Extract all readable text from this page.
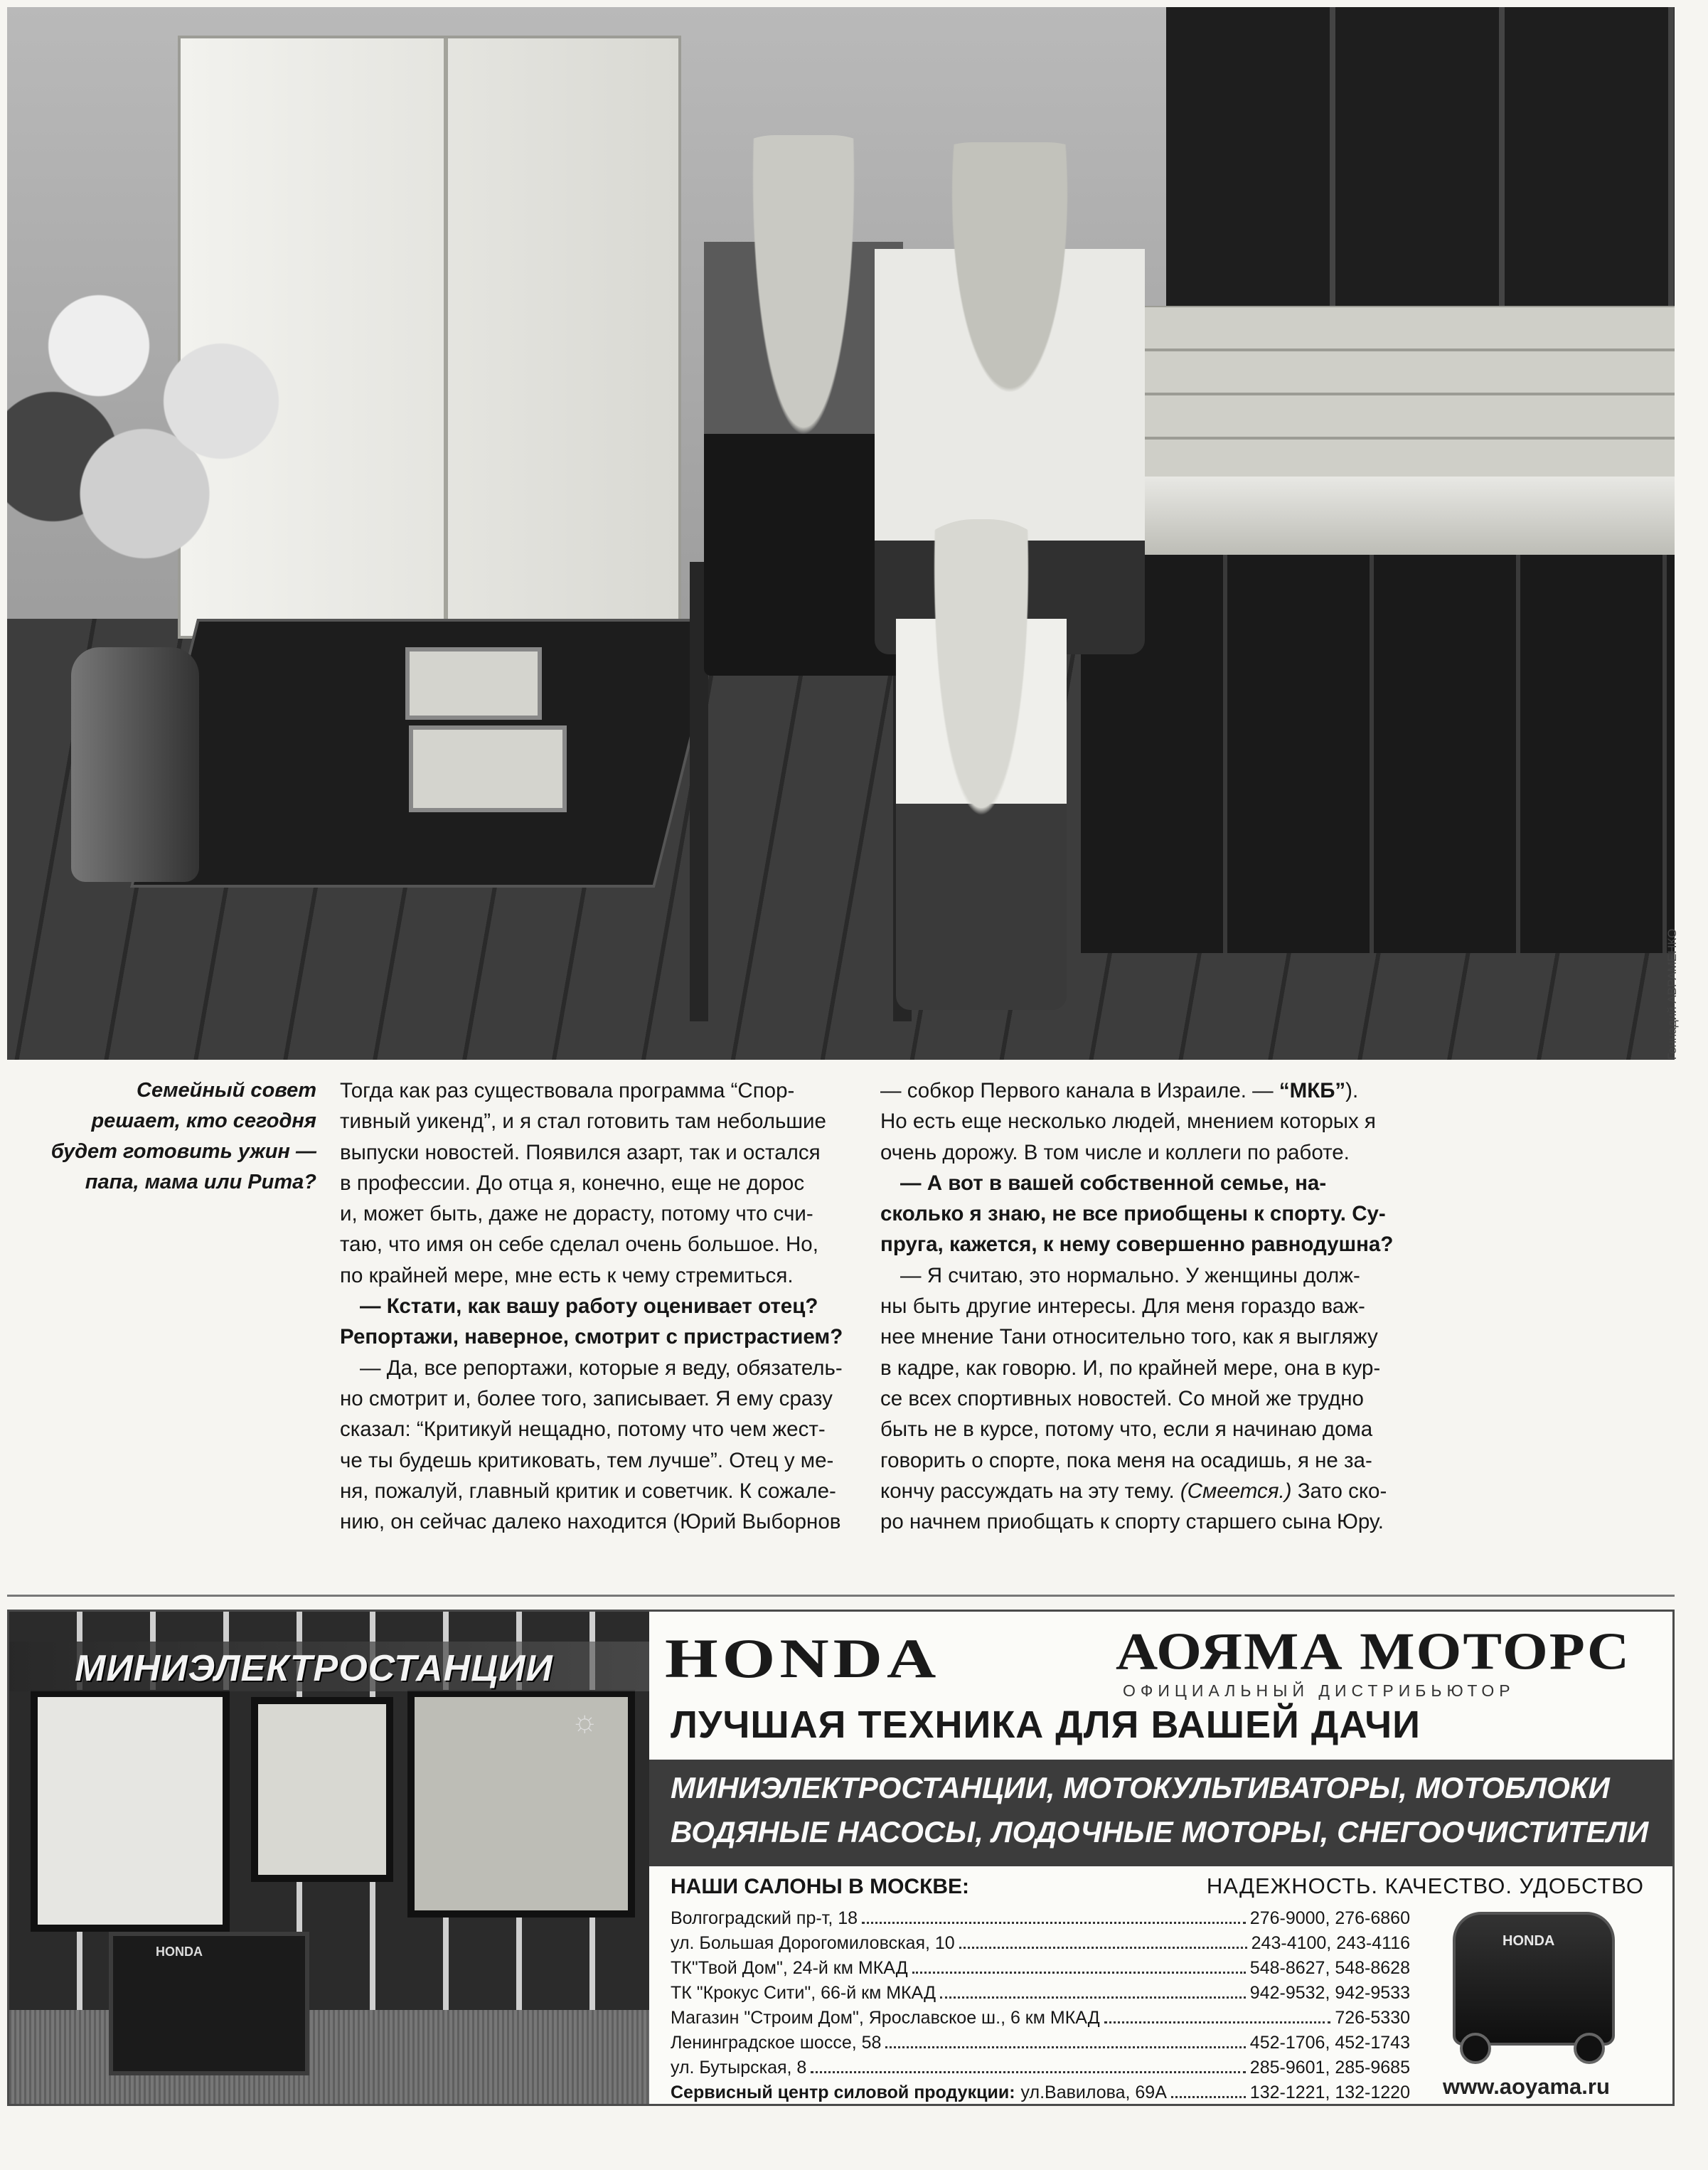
Геннадий АВРАМЕНКО
Семейный совет
решает, кто сегодня
будет готовить ужин —
папа, мама или Рита?
Тогда как раз существовала программа “Спор-
тивный уикенд”, и я стал готовить там небольшие
выпуски новостей. Появился азарт, так и остался
в профессии. До отца я, конечно, еще не дорос
и, может быть, даже не дорасту, потому что счи-
таю, что имя он себе сделал очень большое. Но,
по крайней мере, мне есть к чему стремиться.
— Кстати, как вашу работу оценивает отец?
Репортажи, наверное, смотрит с пристрастием?
— Да, все репортажи, которые я веду, обязатель-
но смотрит и, более того, записывает. Я ему сразу
сказал: “Критикуй нещадно, потому что чем жест-
че ты будешь критиковать, тем лучше”. Отец у ме-
ня, пожалуй, главный критик и советчик. К сожале-
нию, он сейчас далеко находится (Юрий Выборнов
— собкор Первого канала в Израиле. — “МКБ”).
Но есть еще несколько людей, мнением которых я
очень дорожу. В том числе и коллеги по работе.
— А вот в вашей собственной семье, на-
сколько я знаю, не все приобщены к спорту. Су-
пруга, кажется, к нему совершенно равнодушна?
— Я считаю, это нормально. У женщины долж-
ны быть другие интересы. Для меня гораздо важ-
нее мнение Тани относительно того, как я выгляжу
в кадре, как говорю. И, по крайней мере, она в кур-
се всех спортивных новостей. Со мной же трудно
быть не в курсе, потому что, если я начинаю дома
говорить о спорте, пока меня на осадишь, я не за-
кончу рассуждать на эту тему. (Смеется.) Зато ско-
ро начнем приобщать к спорту старшего сына Юру.
HONDA
МИНИЭЛЕКТРОСТАНЦИИ
☼
HONDA	АОЯМА МОТОРС
ОФИЦИАЛЬНЫЙ ДИСТРИБЬЮТОР
ЛУЧШАЯ ТЕХНИКА ДЛЯ ВАШЕЙ ДАЧИ
МИНИЭЛЕКТРОСТАНЦИИ, МОТОКУЛЬТИВАТОРЫ, МОТОБЛОКИ
ВОДЯНЫЕ НАСОСЫ, ЛОДОЧНЫЕ МОТОРЫ, СНЕГООЧИСТИТЕЛИ
НАШИ САЛОНЫ В МОСКВЕ:	НАДЕЖНОСТЬ. КАЧЕСТВО. УДОБСТВО
Волгоградский пр-т, 18	276-9000, 276-6860
ул. Большая Дорогомиловская, 10	243-4100, 243-4116
ТК"Твой Дом", 24-й км МКАД	548-8627, 548-8628
ТК "Крокус Сити", 66-й км МКАД	942-9532, 942-9533
Магазин "Строим Дом", Ярославское ш., 6 км МКАД	726-5330
Ленинградское шоссе, 58	452-1706, 452-1743
ул. Бутырская, 8	285-9601, 285-9685
Сервисный центр силовой продукции: ул.Вавилова, 69А	132-1221, 132-1220
HONDA
www.aoyama.ru
